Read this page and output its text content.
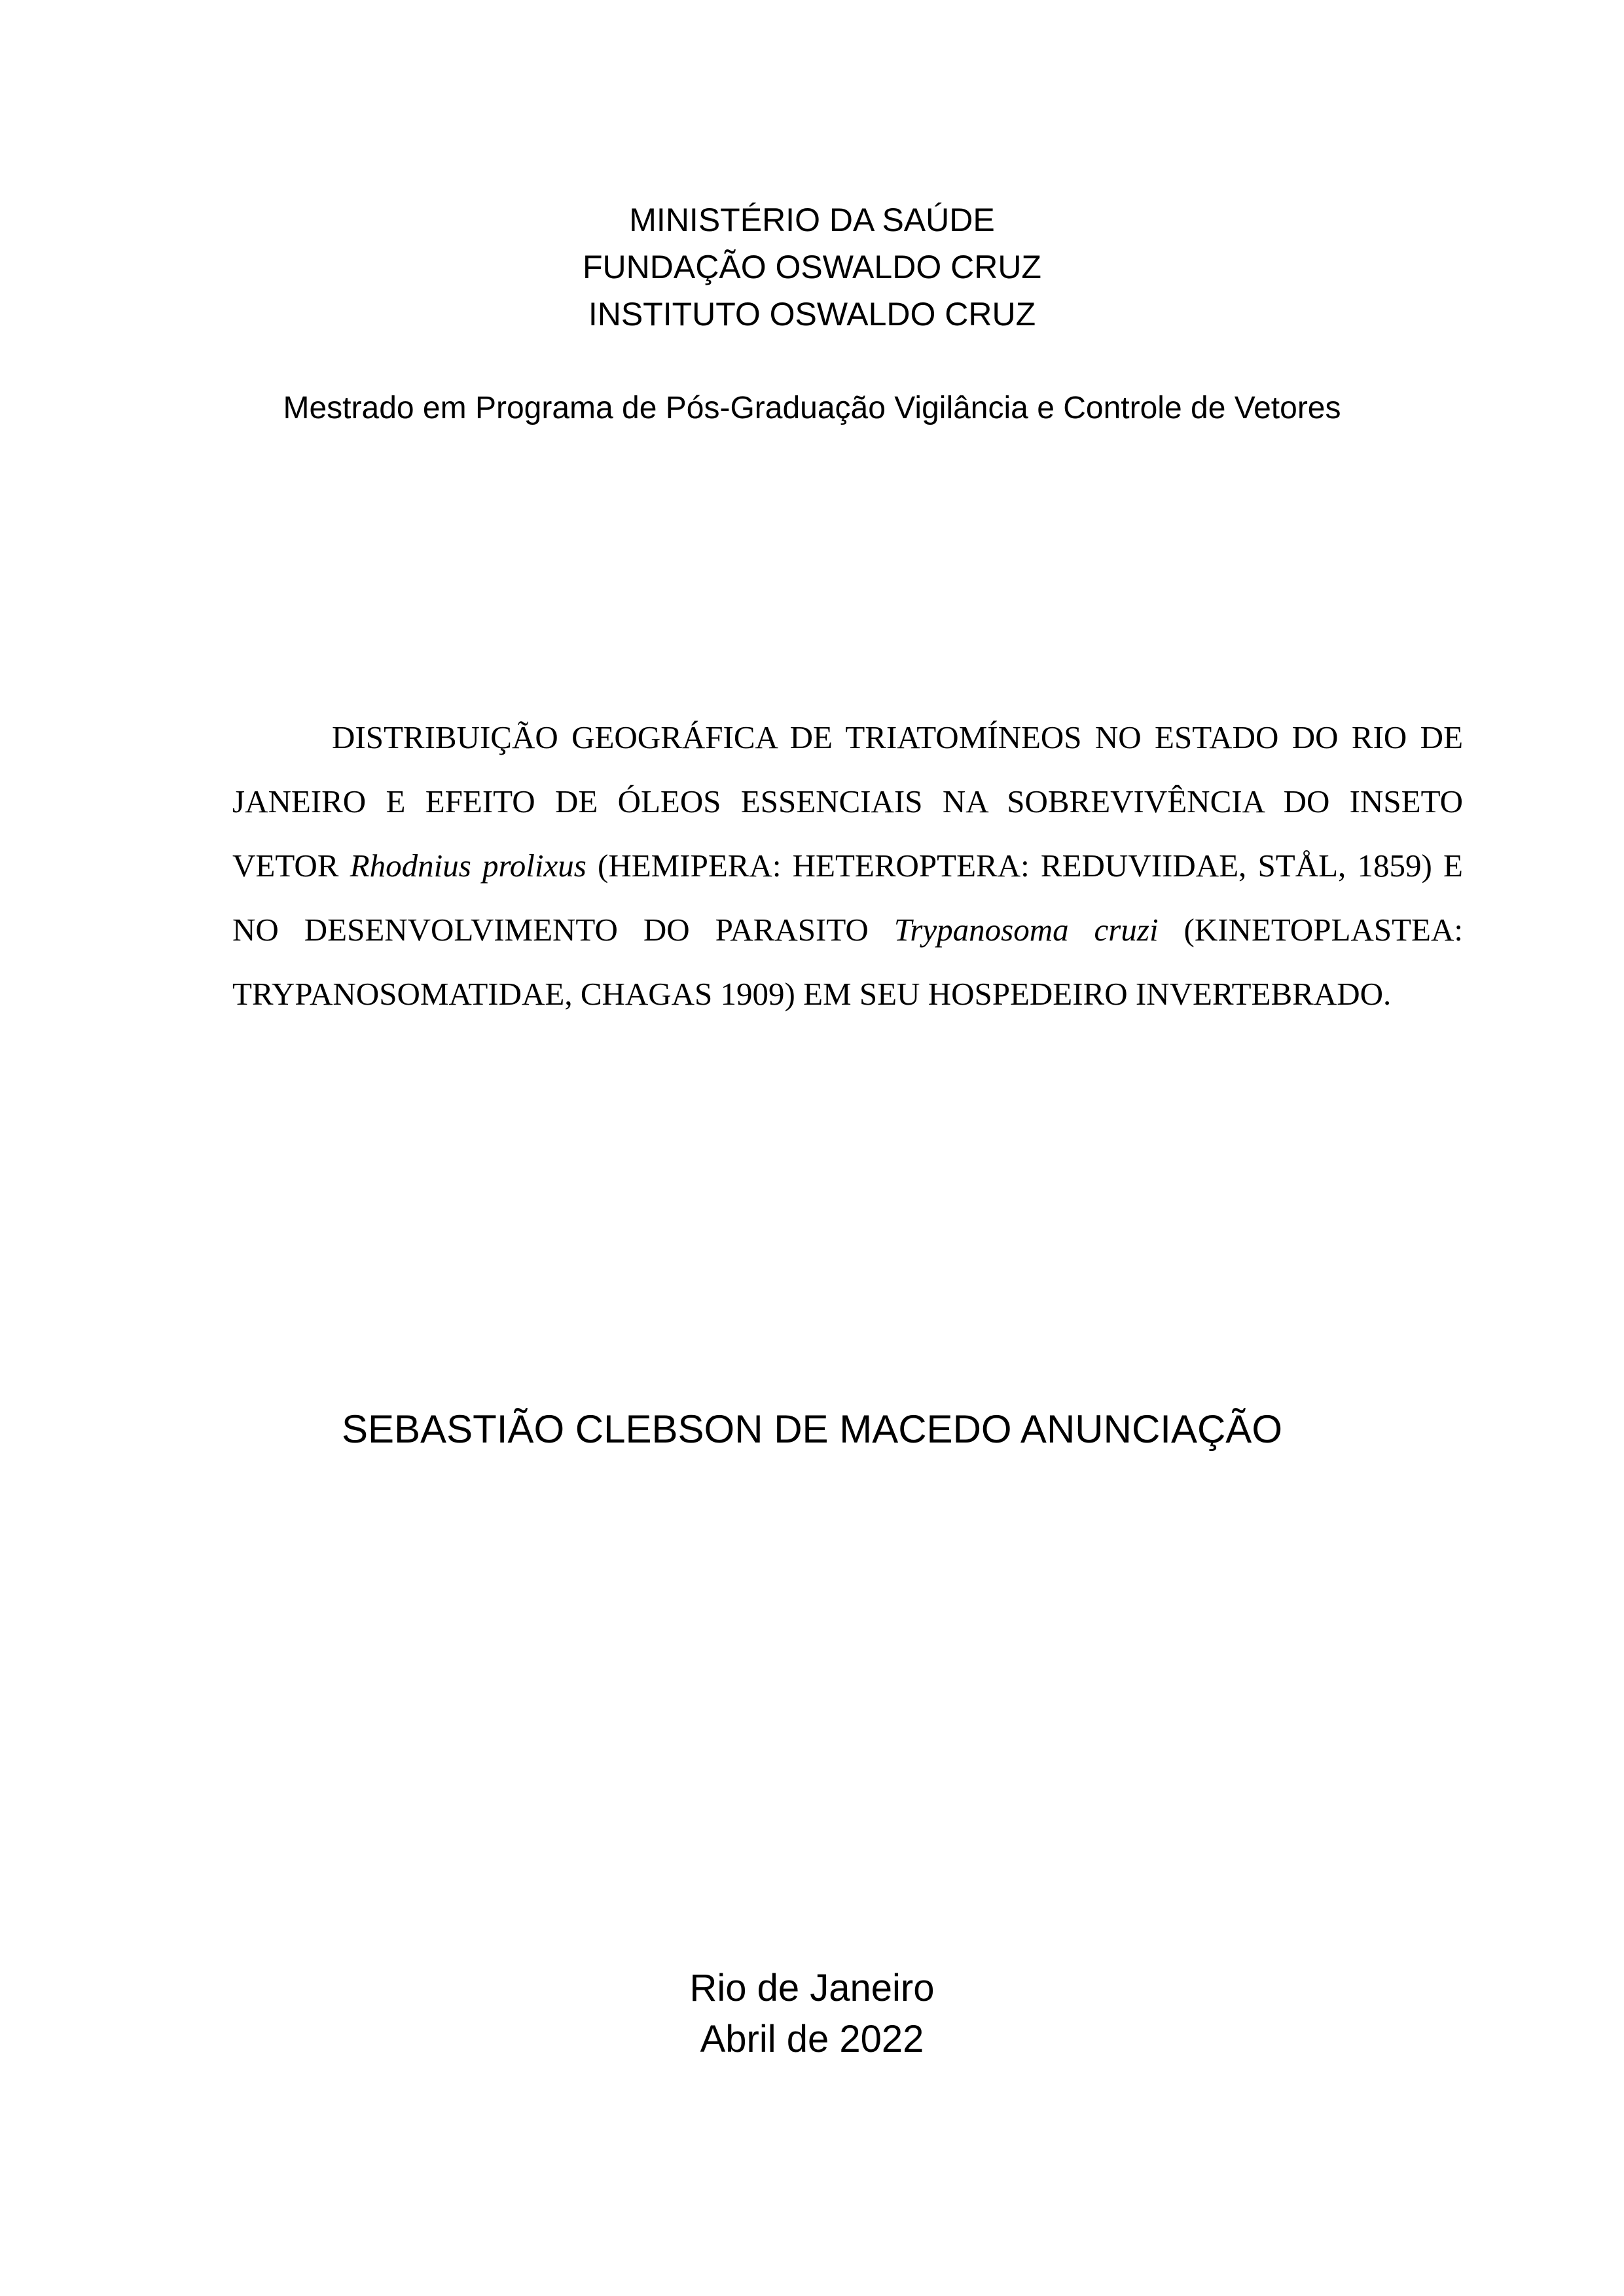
MINISTÉRIO DA SAÚDE
FUNDAÇÃO OSWALDO CRUZ
INSTITUTO OSWALDO CRUZ
Mestrado em Programa de Pós-Graduação Vigilância e Controle de Vetores

DISTRIBUIÇÃO GEOGRÁFICA DE TRIATOMÍNEOS NO ESTADO DO RIO DE JANEIRO E EFEITO DE ÓLEOS ESSENCIAIS NA SOBREVIVÊNCIA DO INSETO VETOR Rhodnius prolixus (HEMIPERA: HETEROPTERA: REDUVIIDAE, STÅL, 1859) E NO DESENVOLVIMENTO DO PARASITO Trypanosoma cruzi (KINETOPLASTEA: TRYPANOSOMATIDAE, CHAGAS 1909) EM SEU HOSPEDEIRO INVERTEBRADO.

SEBASTIÃO CLEBSON DE MACEDO ANUNCIAÇÃO
Rio de Janeiro
Abril de 2022
